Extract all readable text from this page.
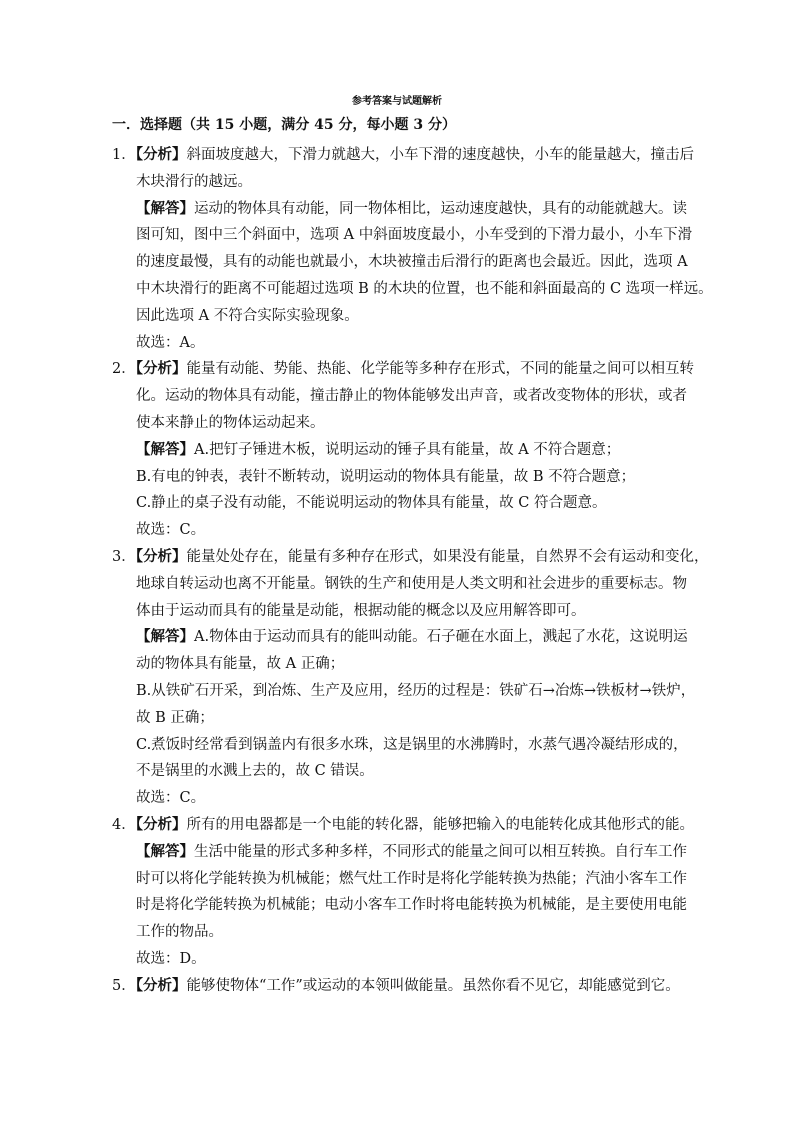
参考答案与试题解析
一．选择题（共 15 小题，满分 45 分，每小题 3 分）
1．【分析】斜面坡度越大，下滑力就越大，小车下滑的速度越快，小车的能量越大，撞击后
木块滑行的越远。
【解答】运动的物体具有动能，同一物体相比，运动速度越快，具有的动能就越大。读
图可知，图中三个斜面中，选项 A 中斜面坡度最小，小车受到的下滑力最小，小车下滑
的速度最慢，具有的动能也就最小，木块被撞击后滑行的距离也会最近。因此，选项 A
中木块滑行的距离不可能超过选项 B 的木块的位置，也不能和斜面最高的 C 选项一样远。
因此选项 A 不符合实际实验现象。
故选：A。
2．【分析】能量有动能、势能、热能、化学能等多种存在形式，不同的能量之间可以相互转
化。运动的物体具有动能，撞击静止的物体能够发出声音，或者改变物体的形状，或者
使本来静止的物体运动起来。
【解答】A.把钉子锤进木板，说明运动的锤子具有能量，故 A 不符合题意；
B.有电的钟表，表针不断转动，说明运动的物体具有能量，故 B 不符合题意；
C.静止的桌子没有动能，不能说明运动的物体具有能量，故 C 符合题意。
故选：C。
3．【分析】能量处处存在，能量有多种存在形式，如果没有能量，自然界不会有运动和变化，
地球自转运动也离不开能量。钢铁的生产和使用是人类文明和社会进步的重要标志。物
体由于运动而具有的能量是动能，根据动能的概念以及应用解答即可。
【解答】A.物体由于运动而具有的能叫动能。石子砸在水面上，溅起了水花，这说明运
动的物体具有能量，故 A 正确；
B.从铁矿石开采，到冶炼、生产及应用，经历的过程是：铁矿石→冶炼→铁板材→铁炉，
故 B 正确；
C.煮饭时经常看到锅盖内有很多水珠，这是锅里的水沸腾时，水蒸气遇冷凝结形成的，
不是锅里的水溅上去的，故 C 错误。
故选：C。
4．【分析】所有的用电器都是一个电能的转化器，能够把输入的电能转化成其他形式的能。
【解答】生活中能量的形式多种多样，不同形式的能量之间可以相互转换。自行车工作
时可以将化学能转换为机械能；燃气灶工作时是将化学能转换为热能；汽油小客车工作
时是将化学能转换为机械能；电动小客车工作时将电能转换为机械能，是主要使用电能
工作的物品。
故选：D。
5．【分析】能够使物体“工作”或运动的本领叫做能量。虽然你看不见它，却能感觉到它。
